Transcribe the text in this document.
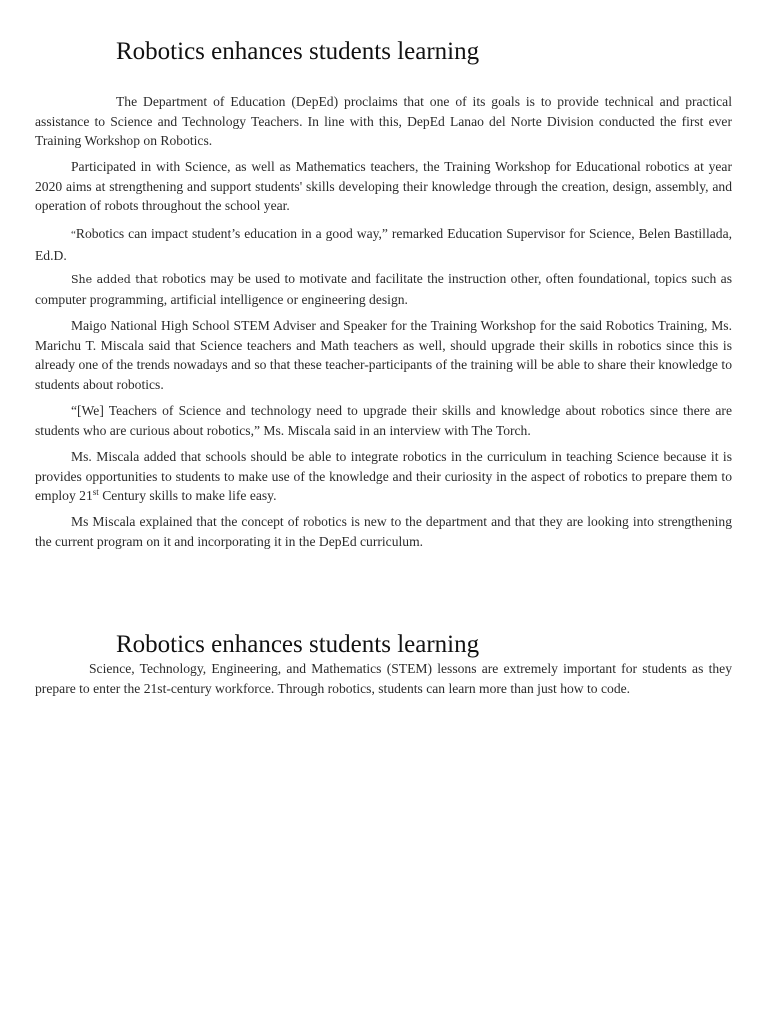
Robotics enhances students learning

The Department of Education (DepEd) proclaims that one of its goals is to provide technical and practical assistance to Science and Technology Teachers. In line with this, DepEd Lanao del Norte Division conducted the first ever Training Workshop on Robotics.

Participated in with Science, as well as Mathematics teachers, the Training Workshop for Educational robotics at year 2020 aims at strengthening and support students' skills developing their knowledge through the creation, design, assembly, and operation of robots throughout the school year.

“Robotics can impact student’s education in a good way,” remarked Education Supervisor for Science, Belen Bastillada, Ed.D.

She added that robotics may be used to motivate and facilitate the instruction other, often foundational, topics such as computer programming, artificial intelligence or engineering design.

Maigo National High School STEM Adviser and Speaker for the Training Workshop for the said Robotics Training, Ms. Marichu T. Miscala said that Science teachers and Math teachers as well, should upgrade their skills in robotics since this is already one of the trends nowadays and so that these teacher-participants of the training will be able to share their knowledge to students about robotics.

“[We] Teachers of Science and technology need to upgrade their skills and knowledge about robotics since there are students who are curious about robotics,” Ms. Miscala said in an interview with The Torch.

Ms. Miscala added that schools should be able to integrate robotics in the curriculum in teaching Science because it is provides opportunities to students to make use of the knowledge and their curiosity in the aspect of robotics to prepare them to employ 21st Century skills to make life easy.

Ms Miscala explained that the concept of robotics is new to the department and that they are looking into strengthening the current program on it and incorporating it in the DepEd curriculum.

Robotics enhances students learning

Science, Technology, Engineering, and Mathematics (STEM) lessons are extremely important for students as they prepare to enter the 21st-century workforce. Through robotics, students can learn more than just how to code.
